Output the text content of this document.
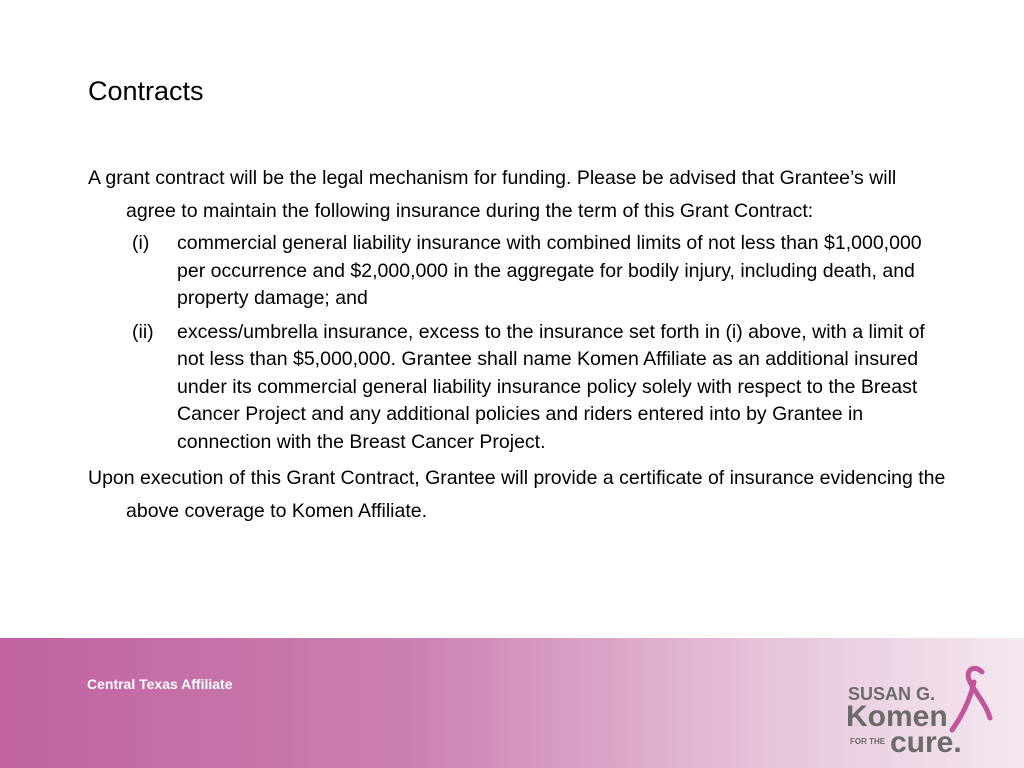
Contracts

A grant contract will be the legal mechanism for funding. Please be advised that Grantee’s will agree to maintain the following insurance during the term of this Grant Contract:

(i) commercial general liability insurance with combined limits of not less than $1,000,000 per occurrence and $2,000,000 in the aggregate for bodily injury, including death, and property damage; and
(ii) excess/umbrella insurance, excess to the insurance set forth in (i) above, with a limit of not less than $5,000,000. Grantee shall name Komen Affiliate as an additional insured under its commercial general liability insurance policy solely with respect to the Breast Cancer Project and any additional policies and riders entered into by Grantee in connection with the Breast Cancer Project.

Upon execution of this Grant Contract, Grantee will provide a certificate of insurance evidencing the above coverage to Komen Affiliate.

Central Texas Affiliate	SUSAN G.
Komen
FOR THE cure.
